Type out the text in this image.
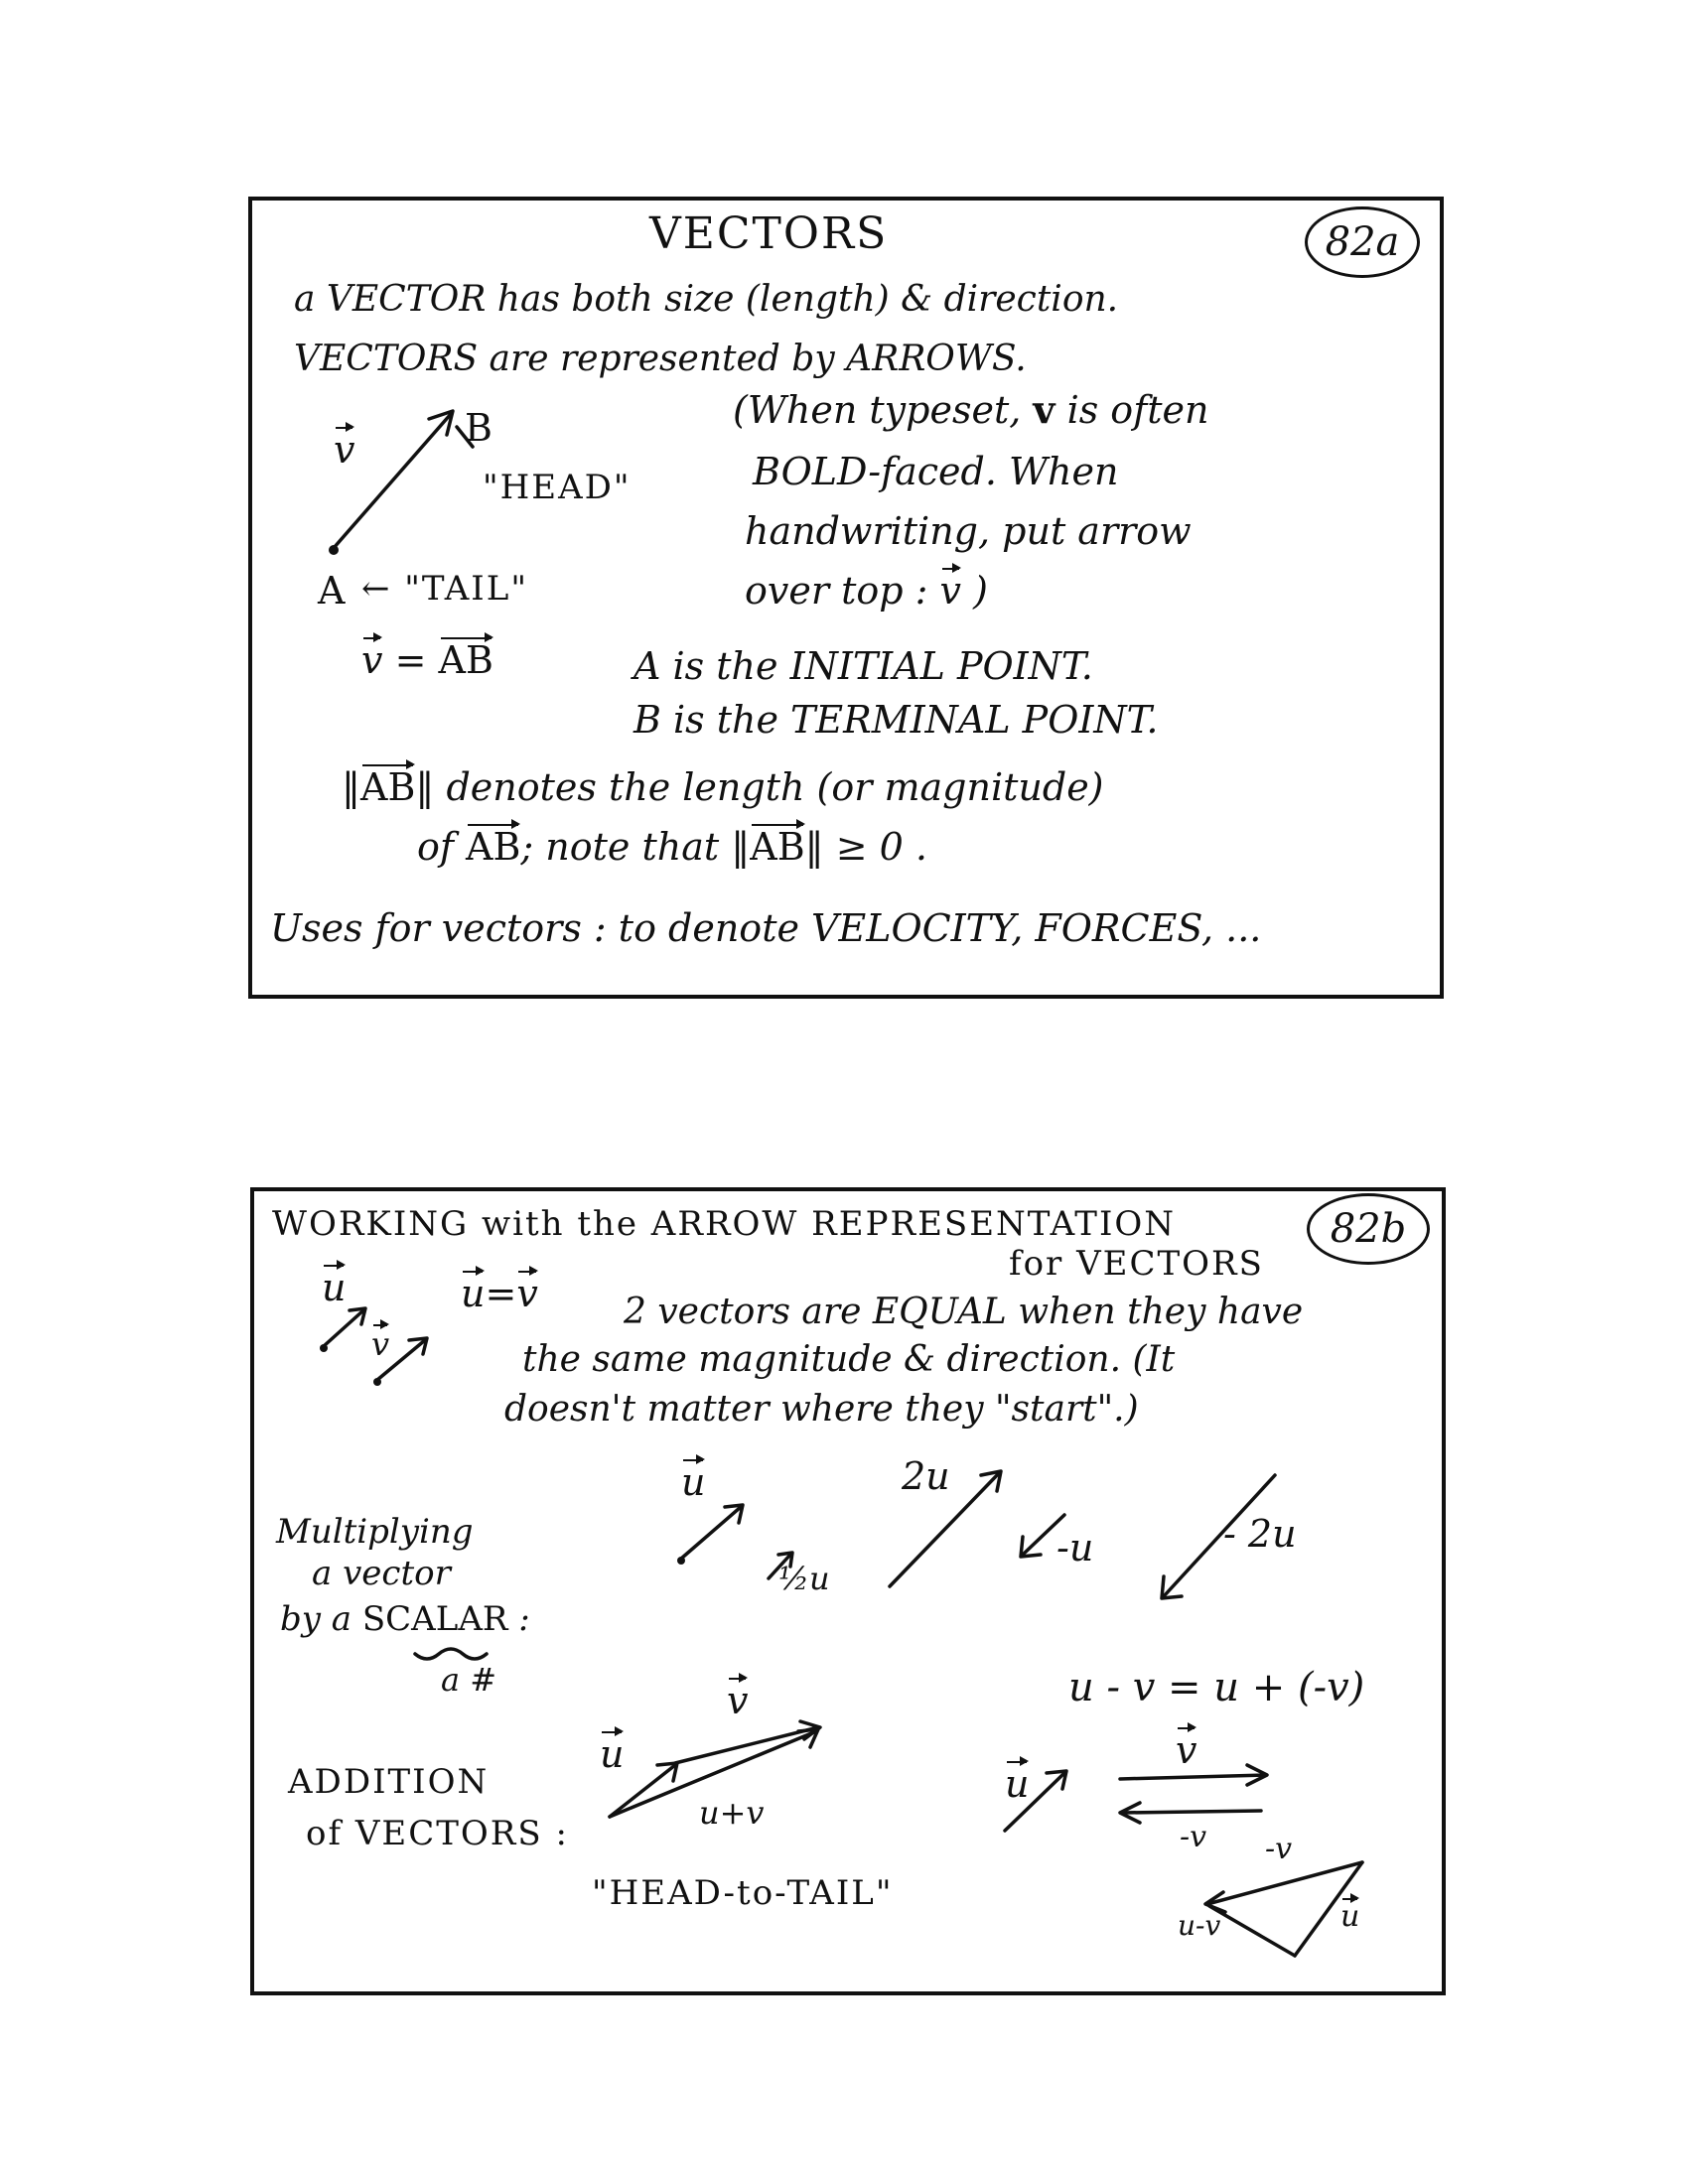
82a
VECTORS
a VECTOR has both size (length) & direction.
VECTORS are represented by ARROWS.
v	B
"HEAD"
A ← "TAIL"
v = AB
(When typeset, v is often
BOLD-faced. When
handwriting, put arrow
over top : v )
A is the INITIAL POINT.
B is the TERMINAL POINT.
‖AB‖ denotes the length (or magnitude)
of AB; note that ‖AB‖ ≥ 0 .
Uses for vectors : to denote VELOCITY, FORCES, ...
82b
WORKING with the ARROW REPRESENTATION
for VECTORS
u
v
u=v 2 vectors are EQUAL when they have
the same magnitude & direction. (It
doesn't matter where they "start".)
Multiplying
a vector
by a SCALAR :
a #
u
½u
2u
-u	- 2u
u - v = u + (-v)
ADDITION
of VECTORS :
u
v
u+v
"HEAD-to-TAIL"
u
v
-v -v
u-v	u
